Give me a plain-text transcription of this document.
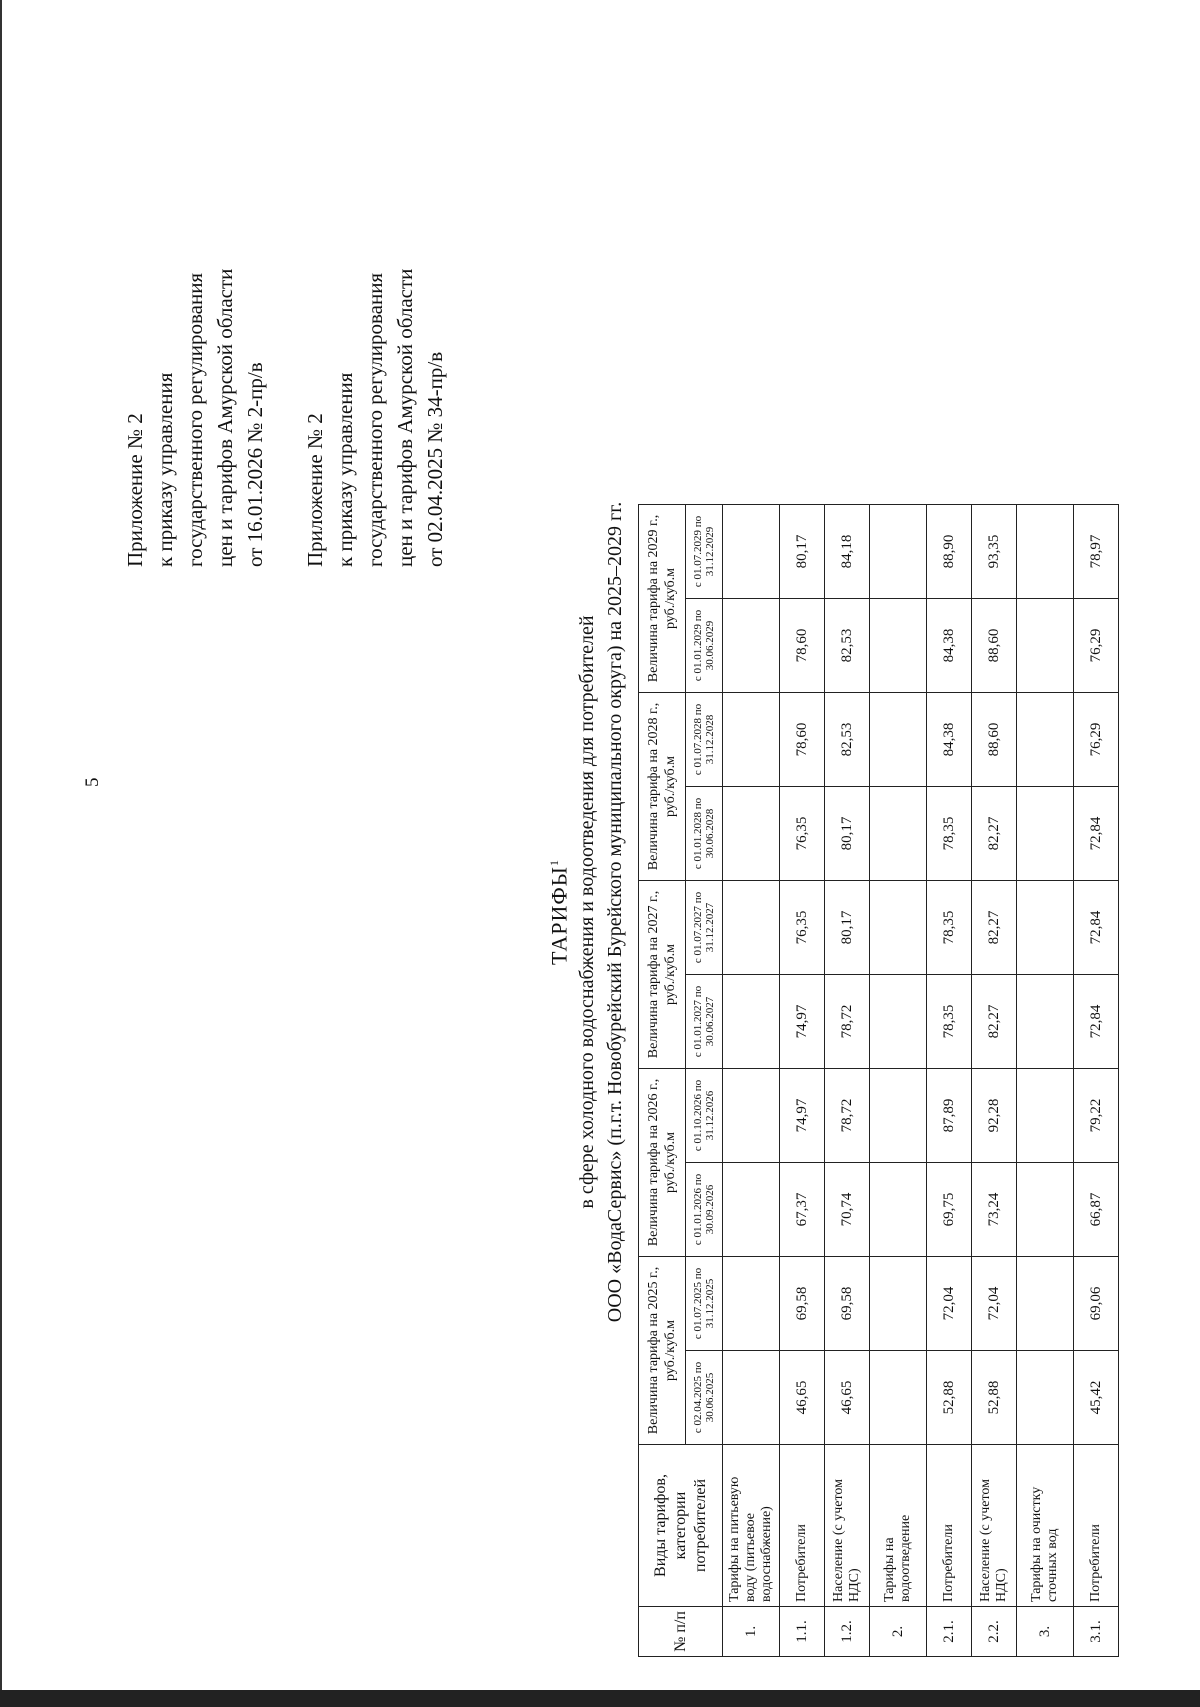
5
Приложение № 2 к приказу управления государственного регулирования цен и тарифов Амурской области от 16.01.2026 № 2-пр/в Приложение № 2 к приказу управления государственного регулирования цен и тарифов Амурской области от 02.04.2025 № 34-пр/в
ТАРИФЫ$^1$ в сфере холодного водоснабжения и водоотведения для потребителей ООО «ВодаСервис» (п.г.т. Новобурейский Бурейского муниципального округа) на 2025–2029 гг.
№ п/п	Виды тарифов, категории потребителей	Величина тарифа на 2025 г., руб./куб.м		Величина тарифа на 2026 г., руб./куб.м		Величина тарифа на 2027 г., руб./куб.м		Величина тарифа на 2028 г., руб./куб.м		Величина тарифа на 2029 г., руб./куб.м	
		с 02.04.2025 по 30.06.2025	с 01.07.2025 по 31.12.2025	с 01.01.2026 по 30.09.2026	с 01.10.2026 по 31.12.2026	с 01.01.2027 по 30.06.2027	с 01.07.2027 по 31.12.2027	с 01.01.2028 по 30.06.2028	с 01.07.2028 по 31.12.2028	с 01.01.2029 по 30.06.2029	с 01.07.2029 по 31.12.2029
1.	Тарифы на питьевую воду (питьевое водоснабжение)										
1.1.	Потребители	46,65	69,58	67,37	74,97	74,97	76,35	76,35	78,60	78,60	80,17
1.2.	Население (с учетом НДС)	46,65	69,58	70,74	78,72	78,72	80,17	80,17	82,53	82,53	84,18
2.	Тарифы на водоотведение										
2.1.	Потребители	52,88	72,04	69,75	87,89	78,35	78,35	78,35	84,38	84,38	88,90
2.2.	Население (с учетом НДС)	52,88	72,04	73,24	92,28	82,27	82,27	82,27	88,60	88,60	93,35
3.	Тарифы на очистку сточных вод										
3.1.	Потребители	45,42	69,06	66,87	79,22	72,84	72,84	72,84	76,29	76,29	78,97
